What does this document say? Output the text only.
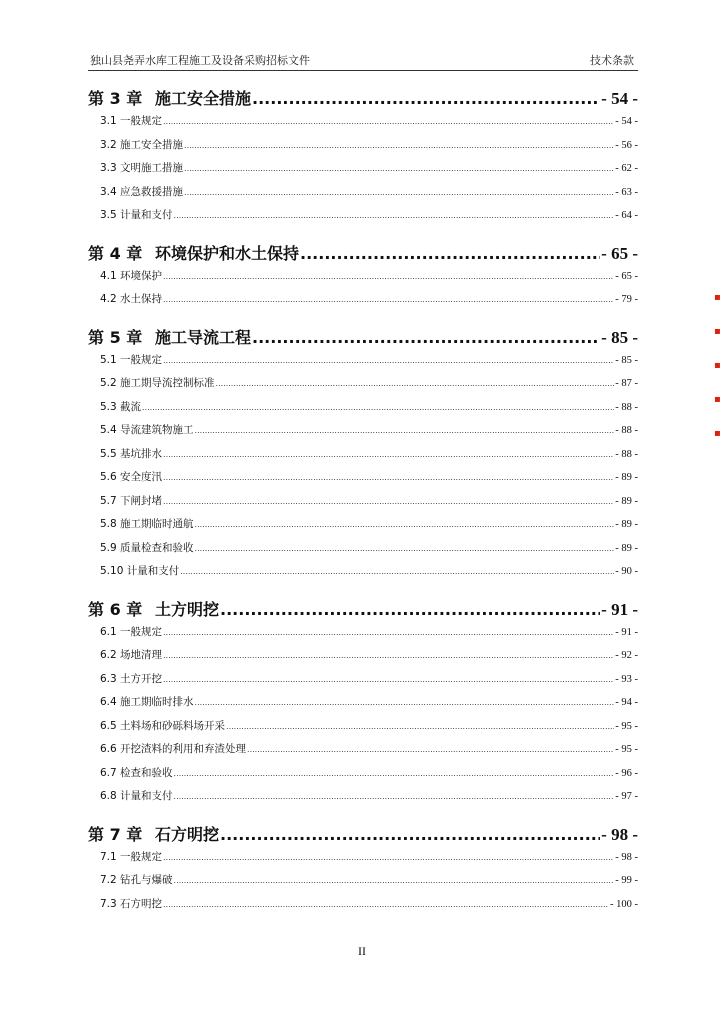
独山县尧弄水库工程施工及设备采购招标文件	技术条款
第 3 章 施工安全措施 .....	- 54 -
3.1 一般规定 .....	- 54 -
3.2 施工安全措施 .....	- 56 -
3.3 文明施工措施 .....	- 62 -
3.4 应急救援措施 .....	- 63 -
3.5 计量和支付 .....	- 64 -
第 4 章 环境保护和水土保持 .....	- 65 -
4.1 环境保护 .....	- 65 -
4.2 水土保持 .....	- 79 -
第 5 章 施工导流工程 .....	- 85 -
5.1 一般规定 .....	- 85 -
5.2 施工期导流控制标准 .....	- 87 -
5.3 截流 .....	- 88 -
5.4 导流建筑物施工 .....	- 88 -
5.5 基坑排水 .....	- 88 -
5.6 安全度汛 .....	- 89 -
5.7 下闸封堵 .....	- 89 -
5.8 施工期临时通航 .....	- 89 -
5.9 质量检查和验收 .....	- 89 -
5.10 计量和支付 .....	- 90 -
第 6 章 土方明挖 .....	- 91 -
6.1 一般规定 .....	- 91 -
6.2 场地清理 .....	- 92 -
6.3 土方开挖 .....	- 93 -
6.4 施工期临时排水 .....	- 94 -
6.5 土料场和砂砾料场开采 .....	- 95 -
6.6 开挖渣料的利用和弃渣处理 .....	- 95 -
6.7 检查和验收 .....	- 96 -
6.8 计量和支付 .....	- 97 -
第 7 章 石方明挖 .....	- 98 -
7.1 一般规定 .....	- 98 -
7.2 钻孔与爆破 .....	- 99 -
7.3 石方明挖 .....	- 100 -
▪
▪
▪
▪
▪
II
